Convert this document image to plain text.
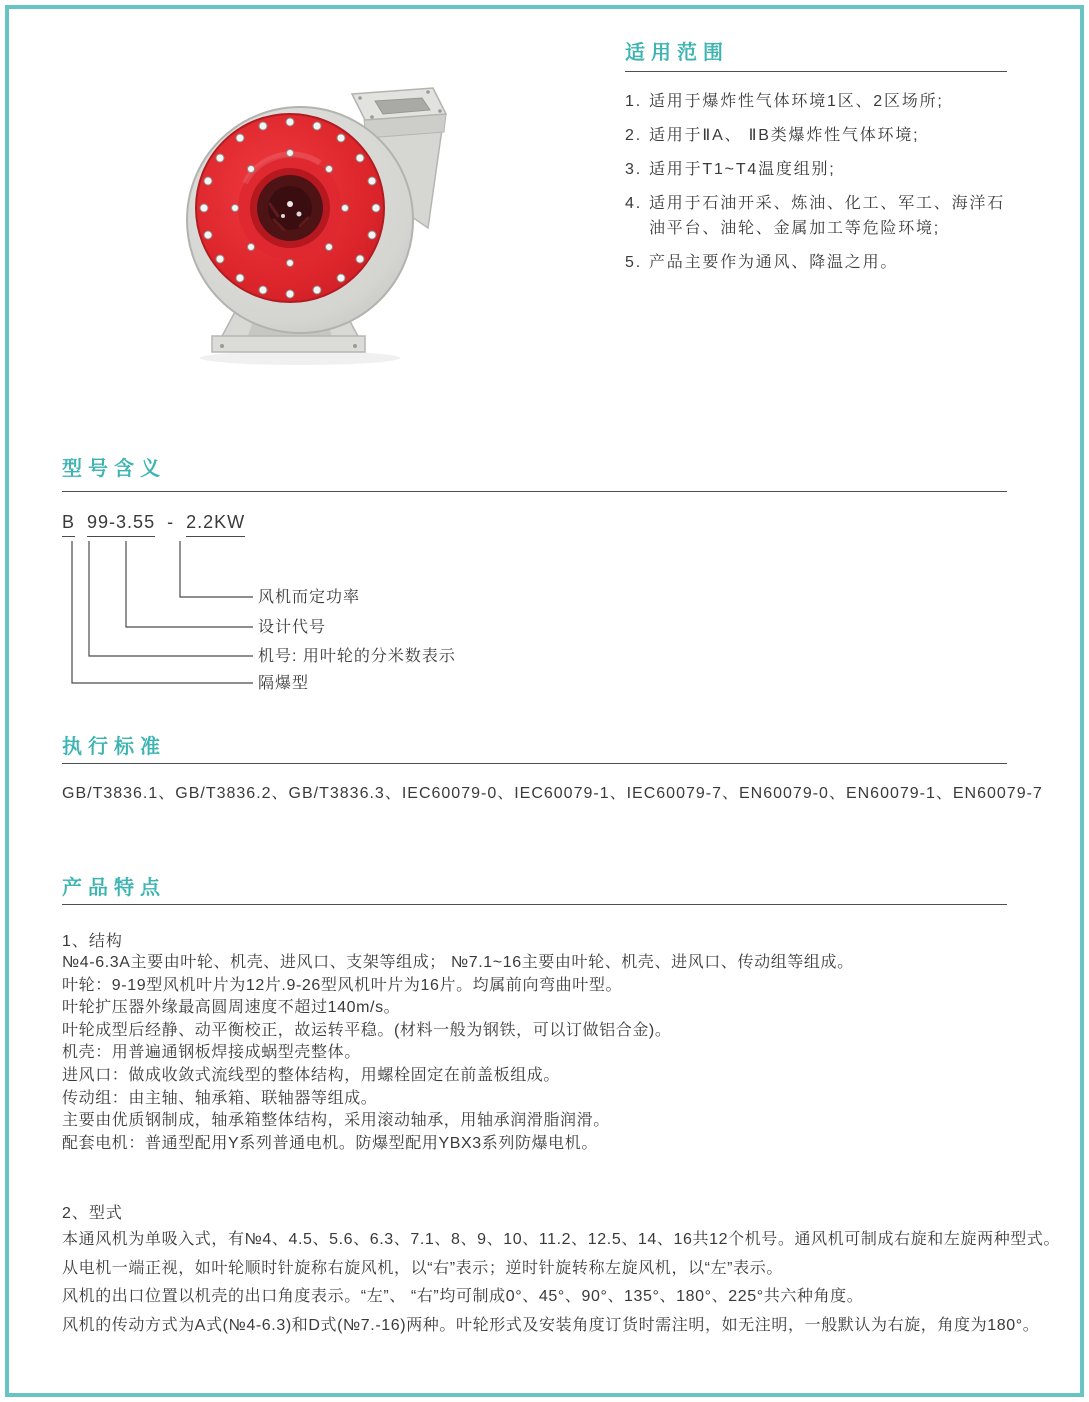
适用范围
1. 适用于爆炸性气体环境1区、2区场所;
2. 适用于ⅡA、 ⅡB类爆炸性气体环境;
3. 适用于T1~T4温度组别;
4. 适用于石油开采、炼油、化工、军工、海洋石油平台、油轮、金属加工等危险环境;
5. 产品主要作为通风、降温之用。
型号含义
B 99-3.55 - 2.2KW
风机而定功率
设计代号
机号: 用叶轮的分米数表示
隔爆型
执行标准
GB/T3836.1、GB/T3836.2、GB/T3836.3、IEC60079-0、IEC60079-1、IEC60079-7、EN60079-0、EN60079-1、EN60079-7
产品特点
1、结构
№4-6.3A主要由叶轮、机壳、进风口、支架等组成； №7.1~16主要由叶轮、机壳、进风口、传动组等组成。
叶轮：9-19型风机叶片为12片.9-26型风机叶片为16片。均属前向弯曲叶型。
叶轮扩压器外缘最高圆周速度不超过140m/s。
叶轮成型后经静、动平衡校正，故运转平稳。(材料一般为钢铁，可以订做铝合金)。
机壳：用普遍通钢板焊接成蜗型壳整体。
进风口：做成收敛式流线型的整体结构，用螺栓固定在前盖板组成。
传动组：由主轴、轴承箱、联轴器等组成。
主要由优质钢制成，轴承箱整体结构，采用滚动轴承，用轴承润滑脂润滑。
配套电机：普通型配用Y系列普通电机。防爆型配用YBX3系列防爆电机。
2、型式
本通风机为单吸入式，有№4、4.5、5.6、6.3、7.1、8、9、10、11.2、12.5、14、16共12个机号。通风机可制成右旋和左旋两种型式。
从电机一端正视，如叶轮顺时针旋称右旋风机，以“右”表示；逆时针旋转称左旋风机，以“左”表示。
风机的出口位置以机壳的出口角度表示。“左”、 “右”均可制成0°、45°、90°、135°、180°、225°共六种角度。
风机的传动方式为A式(№4-6.3)和D式(№7.-16)两种。叶轮形式及安装角度订货时需注明，如无注明，一般默认为右旋，角度为180°。
